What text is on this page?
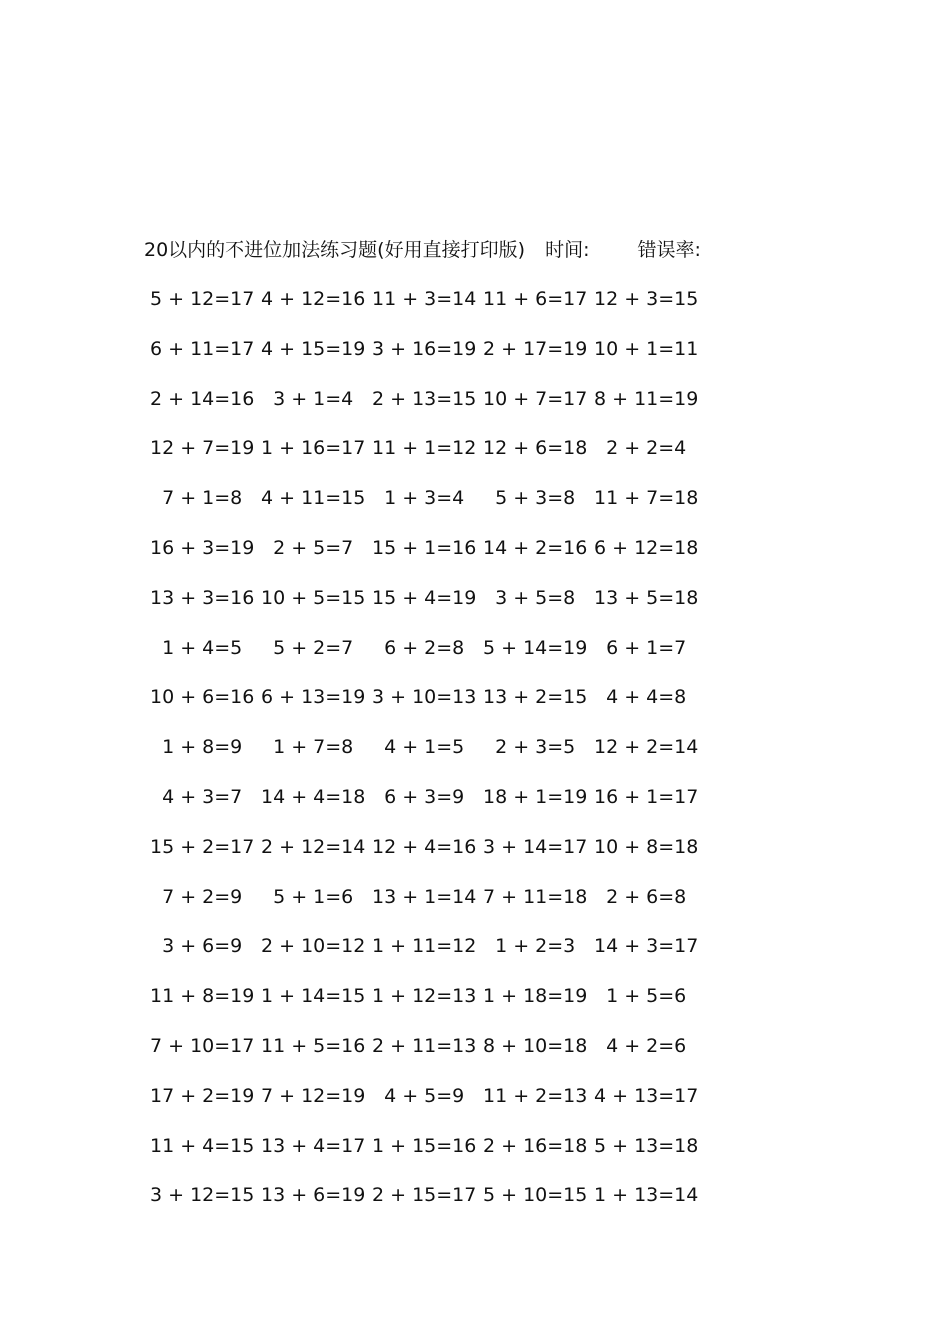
20以内的不进位加法练习题(好用直接打印版) 时间:	错误率:
5 + 12=17 4 + 12=16 11 + 3=14 11 + 6=17 12 + 3=15
6 + 11=17 4 + 15=19 3 + 16=19 2 + 17=19 10 + 1=11
2 + 14=16 3 + 1=4 2 + 13=15 10 + 7=17 8 + 11=19
12 + 7=19 1 + 16=17 11 + 1=12 12 + 6=18 2 + 2=4
7 + 1=8 4 + 11=15 1 + 3=4 5 + 3=8 11 + 7=18
16 + 3=19 2 + 5=7 15 + 1=16 14 + 2=16 6 + 12=18
13 + 3=16 10 + 5=15 15 + 4=19 3 + 5=8 13 + 5=18
1 + 4=5 5 + 2=7 6 + 2=8 5 + 14=19 6 + 1=7
10 + 6=16 6 + 13=19 3 + 10=13 13 + 2=15 4 + 4=8
1 + 8=9 1 + 7=8 4 + 1=5 2 + 3=5 12 + 2=14
4 + 3=7 14 + 4=18 6 + 3=9 18 + 1=19 16 + 1=17
15 + 2=17 2 + 12=14 12 + 4=16 3 + 14=17 10 + 8=18
7 + 2=9 5 + 1=6 13 + 1=14 7 + 11=18 2 + 6=8
3 + 6=9 2 + 10=12 1 + 11=12 1 + 2=3 14 + 3=17
11 + 8=19 1 + 14=15 1 + 12=13 1 + 18=19 1 + 5=6
7 + 10=17 11 + 5=16 2 + 11=13 8 + 10=18 4 + 2=6
17 + 2=19 7 + 12=19 4 + 5=9 11 + 2=13 4 + 13=17
11 + 4=15 13 + 4=17 1 + 15=16 2 + 16=18 5 + 13=18
3 + 12=15 13 + 6=19 2 + 15=17 5 + 10=15 1 + 13=14
